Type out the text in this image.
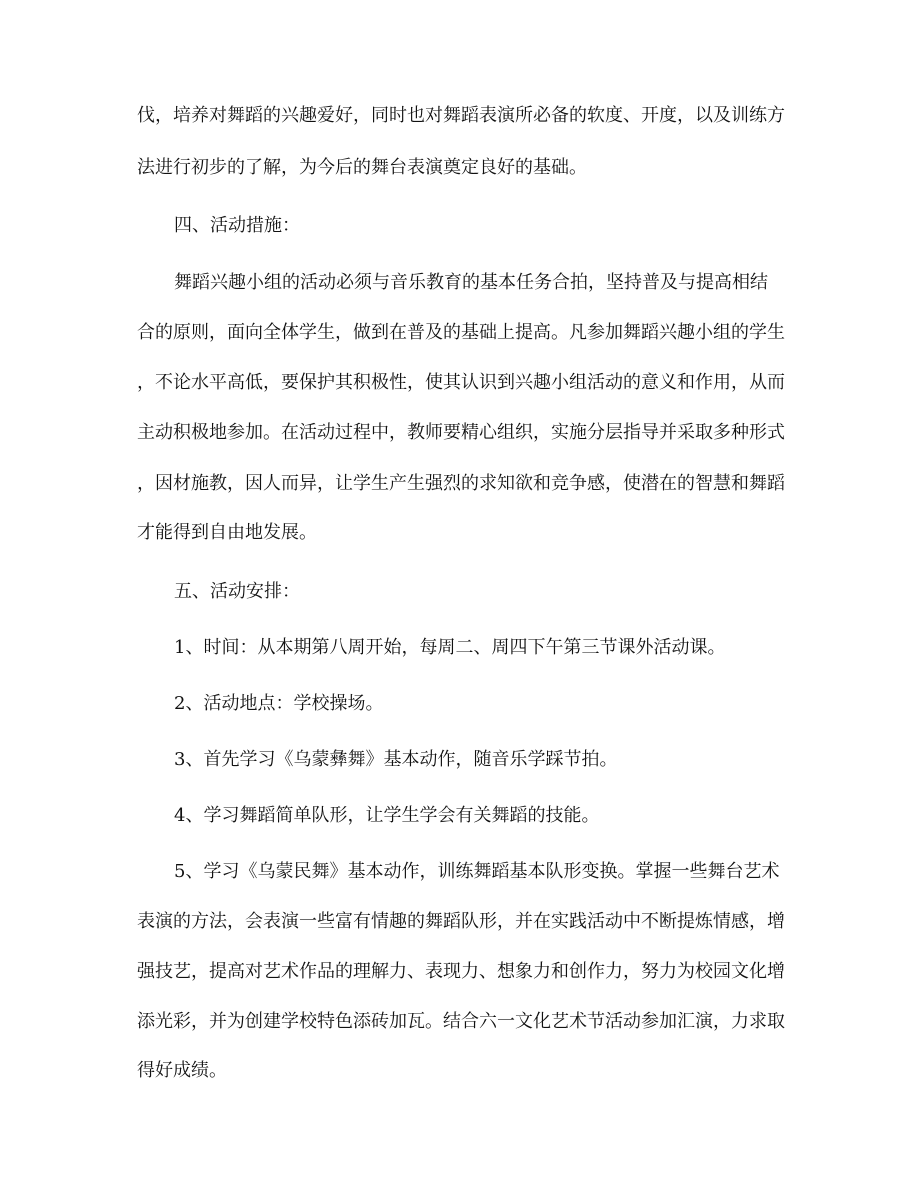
伐，培养对舞蹈的兴趣爱好，同时也对舞蹈表演所必备的软度、开度，以及训练方
法进行初步的了解，为今后的舞台表演奠定良好的基础。
四、活动措施：
舞蹈兴趣小组的活动必须与音乐教育的基本任务合拍，坚持普及与提高相结
合的原则，面向全体学生，做到在普及的基础上提高。凡参加舞蹈兴趣小组的学生
，不论水平高低，要保护其积极性，使其认识到兴趣小组活动的意义和作用，从而
主动积极地参加。在活动过程中，教师要精心组织，实施分层指导并采取多种形式
，因材施教，因人而异，让学生产生强烈的求知欲和竞争感，使潜在的智慧和舞蹈
才能得到自由地发展。
五、活动安排：
1、时间：从本期第八周开始，每周二、周四下午第三节课外活动课。
2、活动地点：学校操场。
3、首先学习《乌蒙彝舞》基本动作，随音乐学踩节拍。
4、学习舞蹈简单队形，让学生学会有关舞蹈的技能。
5、学习《乌蒙民舞》基本动作，训练舞蹈基本队形变换。掌握一些舞台艺术
表演的方法，会表演一些富有情趣的舞蹈队形，并在实践活动中不断提炼情感，增
强技艺，提高对艺术作品的理解力、表现力、想象力和创作力，努力为校园文化增
添光彩，并为创建学校特色添砖加瓦。结合六一文化艺术节活动参加汇演，力求取
得好成绩。
